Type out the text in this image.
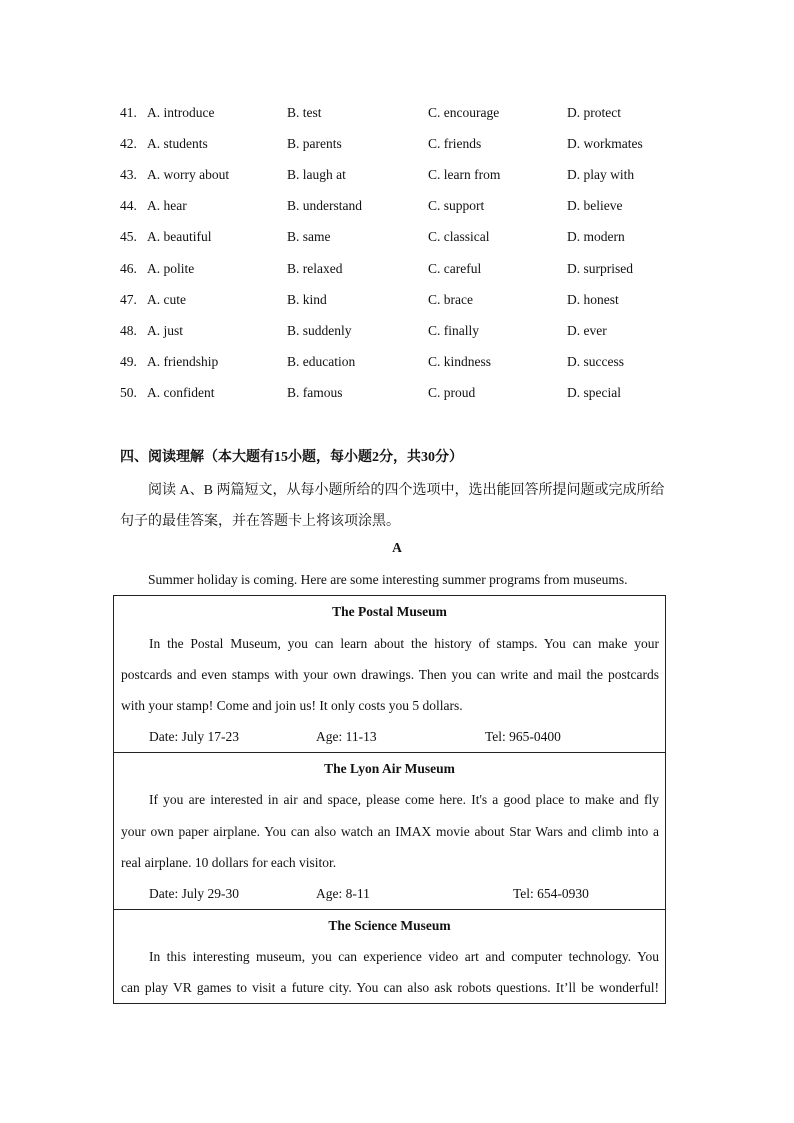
41. A. introduce	B. test	C. encourage	D. protect
42. A. students	B. parents	C. friends	D. workmates
43. A. worry about	B. laugh at	C. learn from	D. play with
44. A. hear	B. understand	C. support	D. believe
45. A. beautiful	B. same	C. classical	D. modern
46. A. polite	B. relaxed	C. careful	D. surprised
47. A. cute	B. kind	C. brace	D. honest
48. A. just	B. suddenly	C. finally	D. ever
49. A. friendship	B. education	C. kindness	D. success
50. A. confident	B. famous	C. proud	D. special
四、阅读理解（本大题有15小题，每小题2分，共30分）
阅读 A、B 两篇短文，从每小题所给的四个选项中，选出能回答所提问题或完成所给
句子的最佳答案，并在答题卡上将该项涂黑。
A
Summer holiday is coming. Here are some interesting summer programs from museums.
The Postal Museum
In the Postal Museum, you can learn about the history of stamps. You can make your
postcards and even stamps with your own drawings. Then you can write and mail the postcards
with your stamp! Come and join us! It only costs you 5 dollars.
Date: July 17-23	Age: 11-13	Tel: 965-0400
The Lyon Air Museum
If you are interested in air and space, please come here. It's a good place to make and fly
your own paper airplane. You can also watch an IMAX movie about Star Wars and climb into a
real airplane. 10 dollars for each visitor.
Date: July 29-30	Age: 8-11	Tel: 654-0930
The Science Museum
In this interesting museum, you can experience video art and computer technology. You
can play VR games to visit a future city. You can also ask robots questions. It’ll be wonderful!
